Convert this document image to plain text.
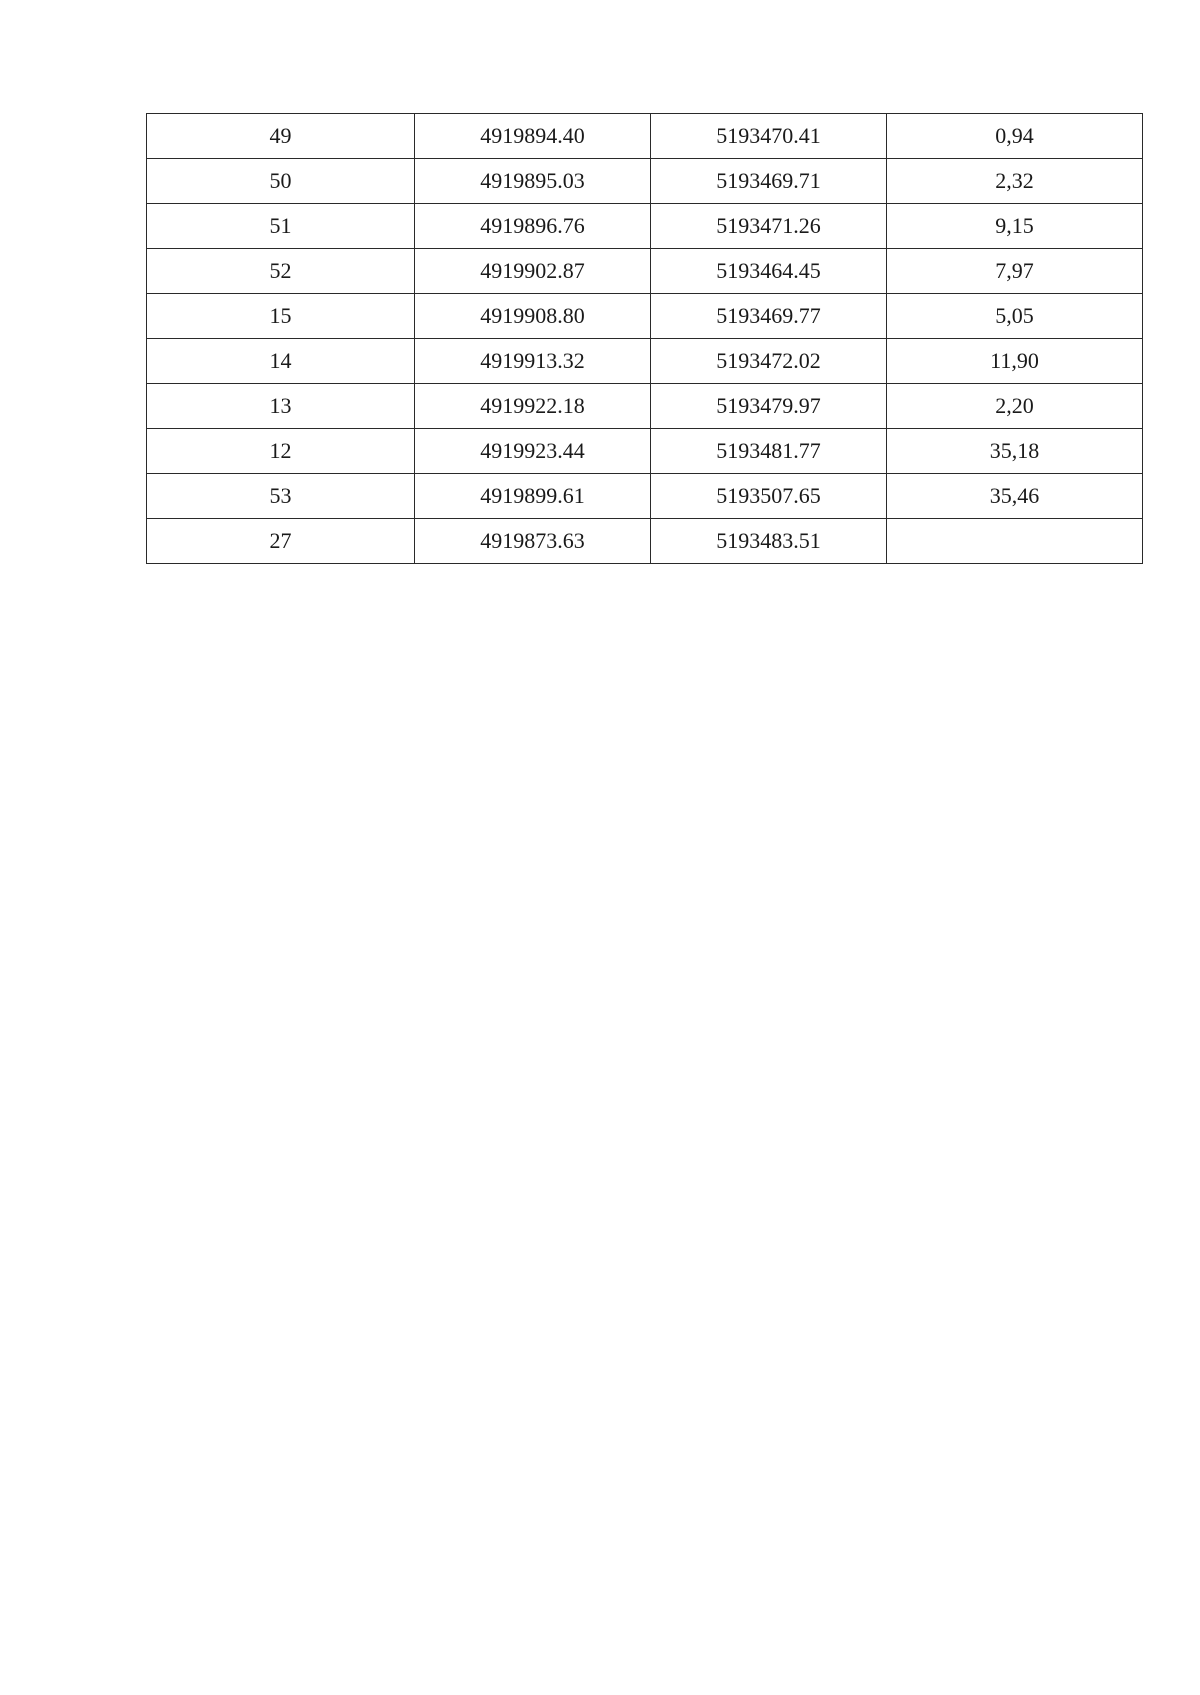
49	4919894.40	5193470.41	0,94
50	4919895.03	5193469.71	2,32
51	4919896.76	5193471.26	9,15
52	4919902.87	5193464.45	7,97
15	4919908.80	5193469.77	5,05
14	4919913.32	5193472.02	11,90
13	4919922.18	5193479.97	2,20
12	4919923.44	5193481.77	35,18
53	4919899.61	5193507.65	35,46
27	4919873.63	5193483.51	
